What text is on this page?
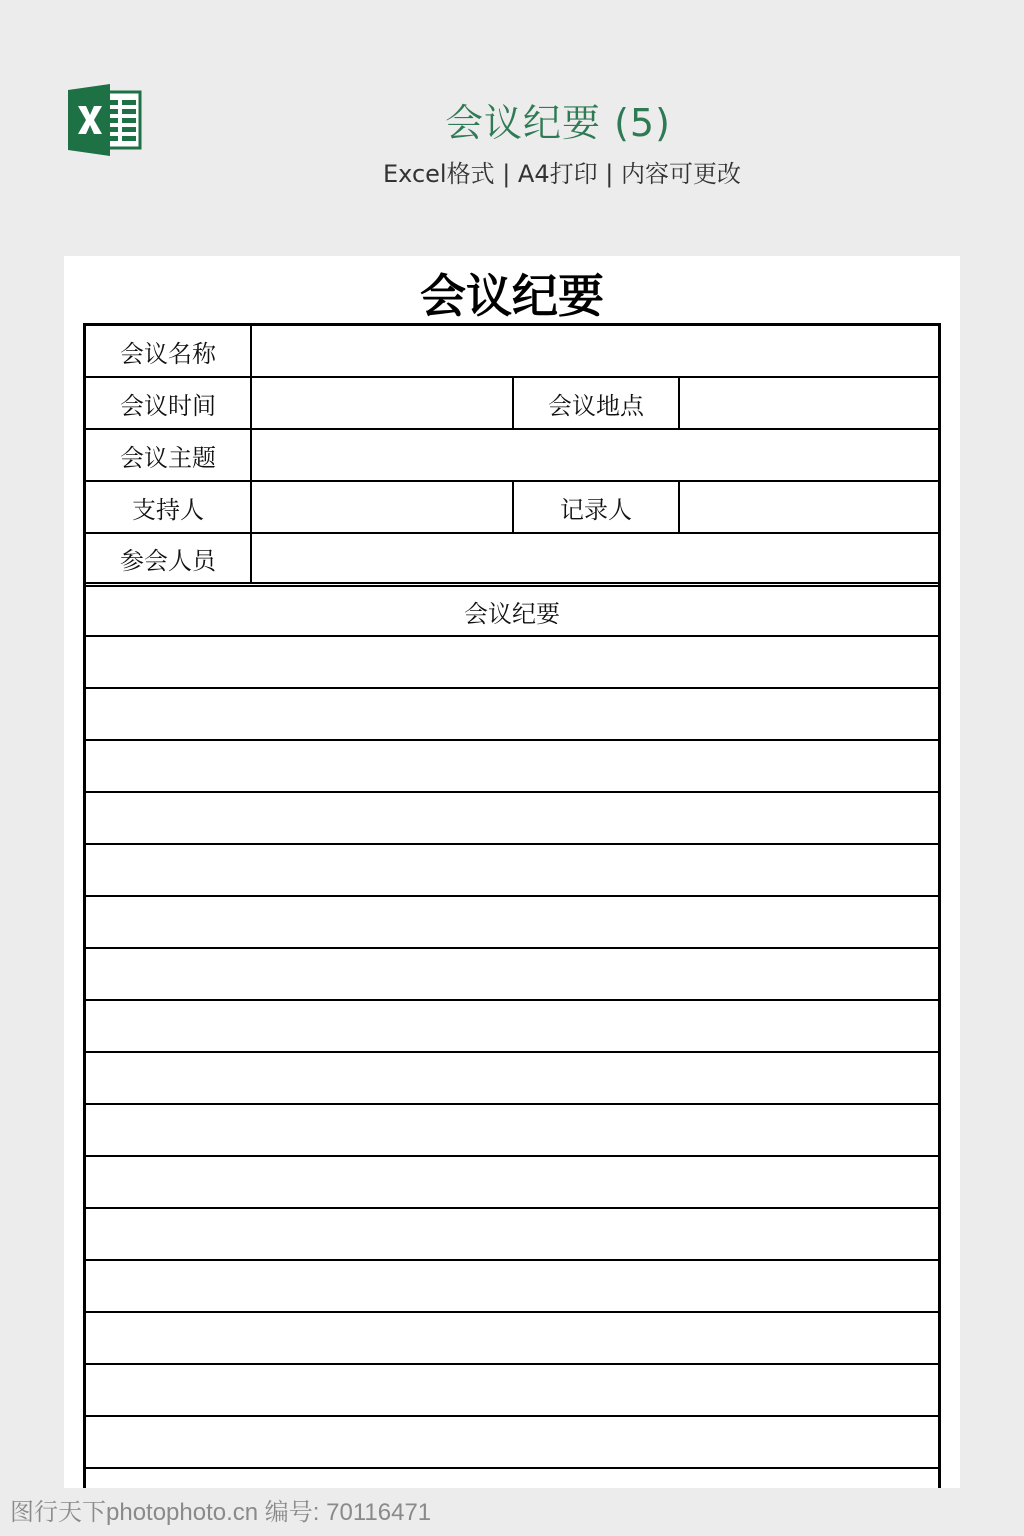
会议纪要 (5)
Excel格式 | A4打印 | 内容可更改
会议纪要
会议名称
会议时间	会议地点
会议主题
支持人	记录人
参会人员
会议纪要
图行天下photophoto.cn 编号: 70116471
